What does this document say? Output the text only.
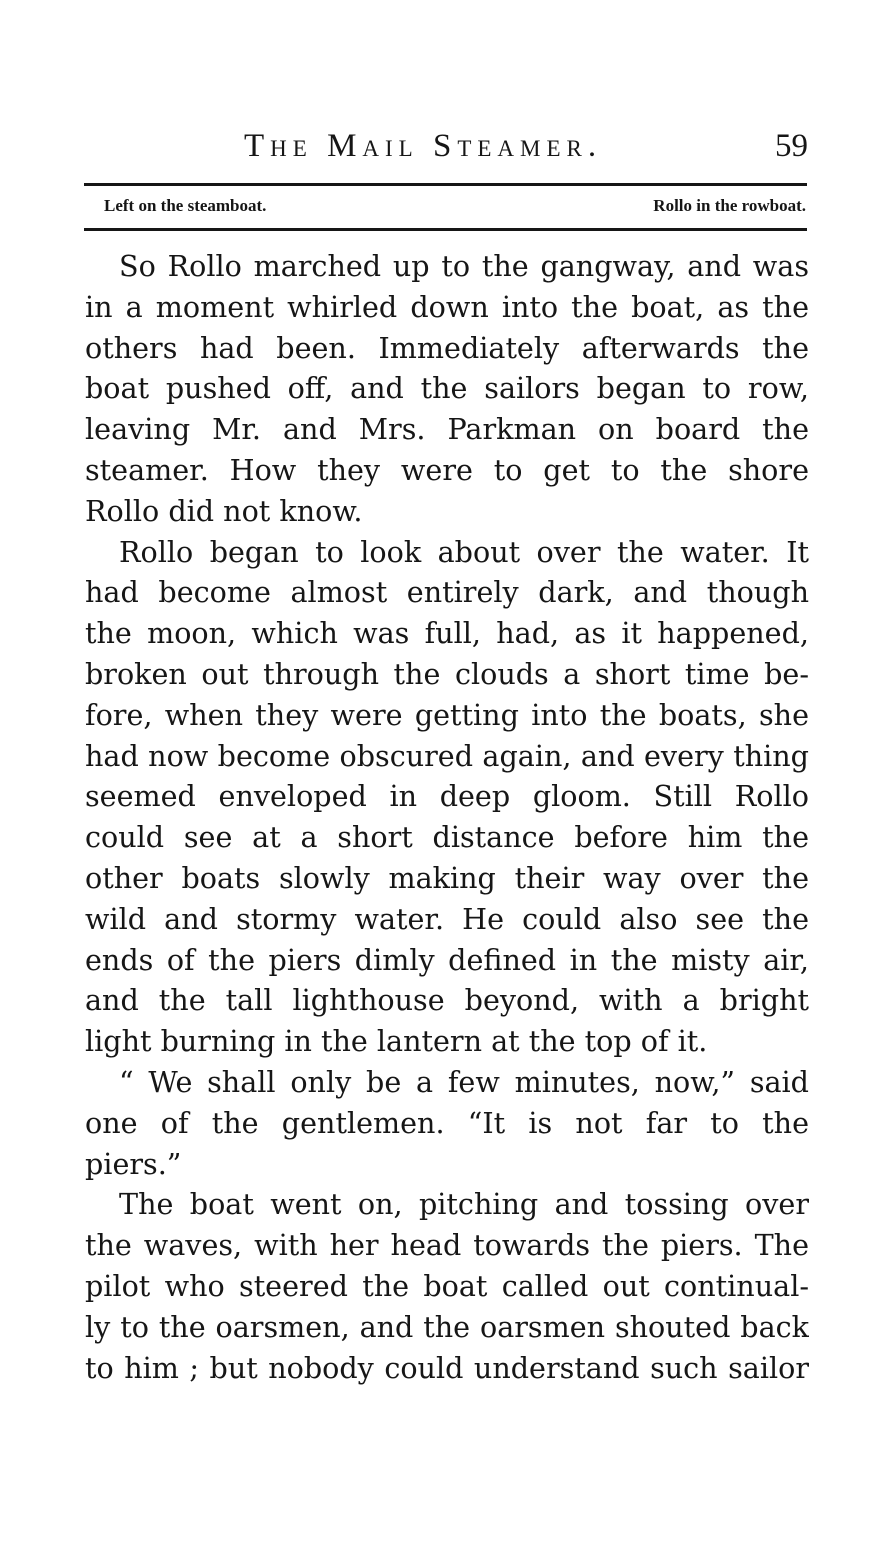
The Mail Steamer.	59
Left on the steamboat.	Rollo in the rowboat.
So Rollo marched up to the gangway, and was
in a moment whirled down into the boat, as the
others had been. Immediately afterwards the
boat pushed off, and the sailors began to row,
leaving Mr. and Mrs. Parkman on board the
steamer. How they were to get to the shore
Rollo did not know.
Rollo began to look about over the water. It
had become almost entirely dark, and though
the moon, which was full, had, as it happened,
broken out through the clouds a short time be-
fore, when they were getting into the boats, she
had now become obscured again, and every thing
seemed enveloped in deep gloom. Still Rollo
could see at a short distance before him the
other boats slowly making their way over the
wild and stormy water. He could also see the
ends of the piers dimly defined in the misty air,
and the tall lighthouse beyond, with a bright
light burning in the lantern at the top of it.
“ We shall only be a few minutes, now,” said
one of the gentlemen. “It is not far to the
piers.”
The boat went on, pitching and tossing over
the waves, with her head towards the piers. The
pilot who steered the boat called out continual-
ly to the oarsmen, and the oarsmen shouted back
to him ; but nobody could understand such sailor
